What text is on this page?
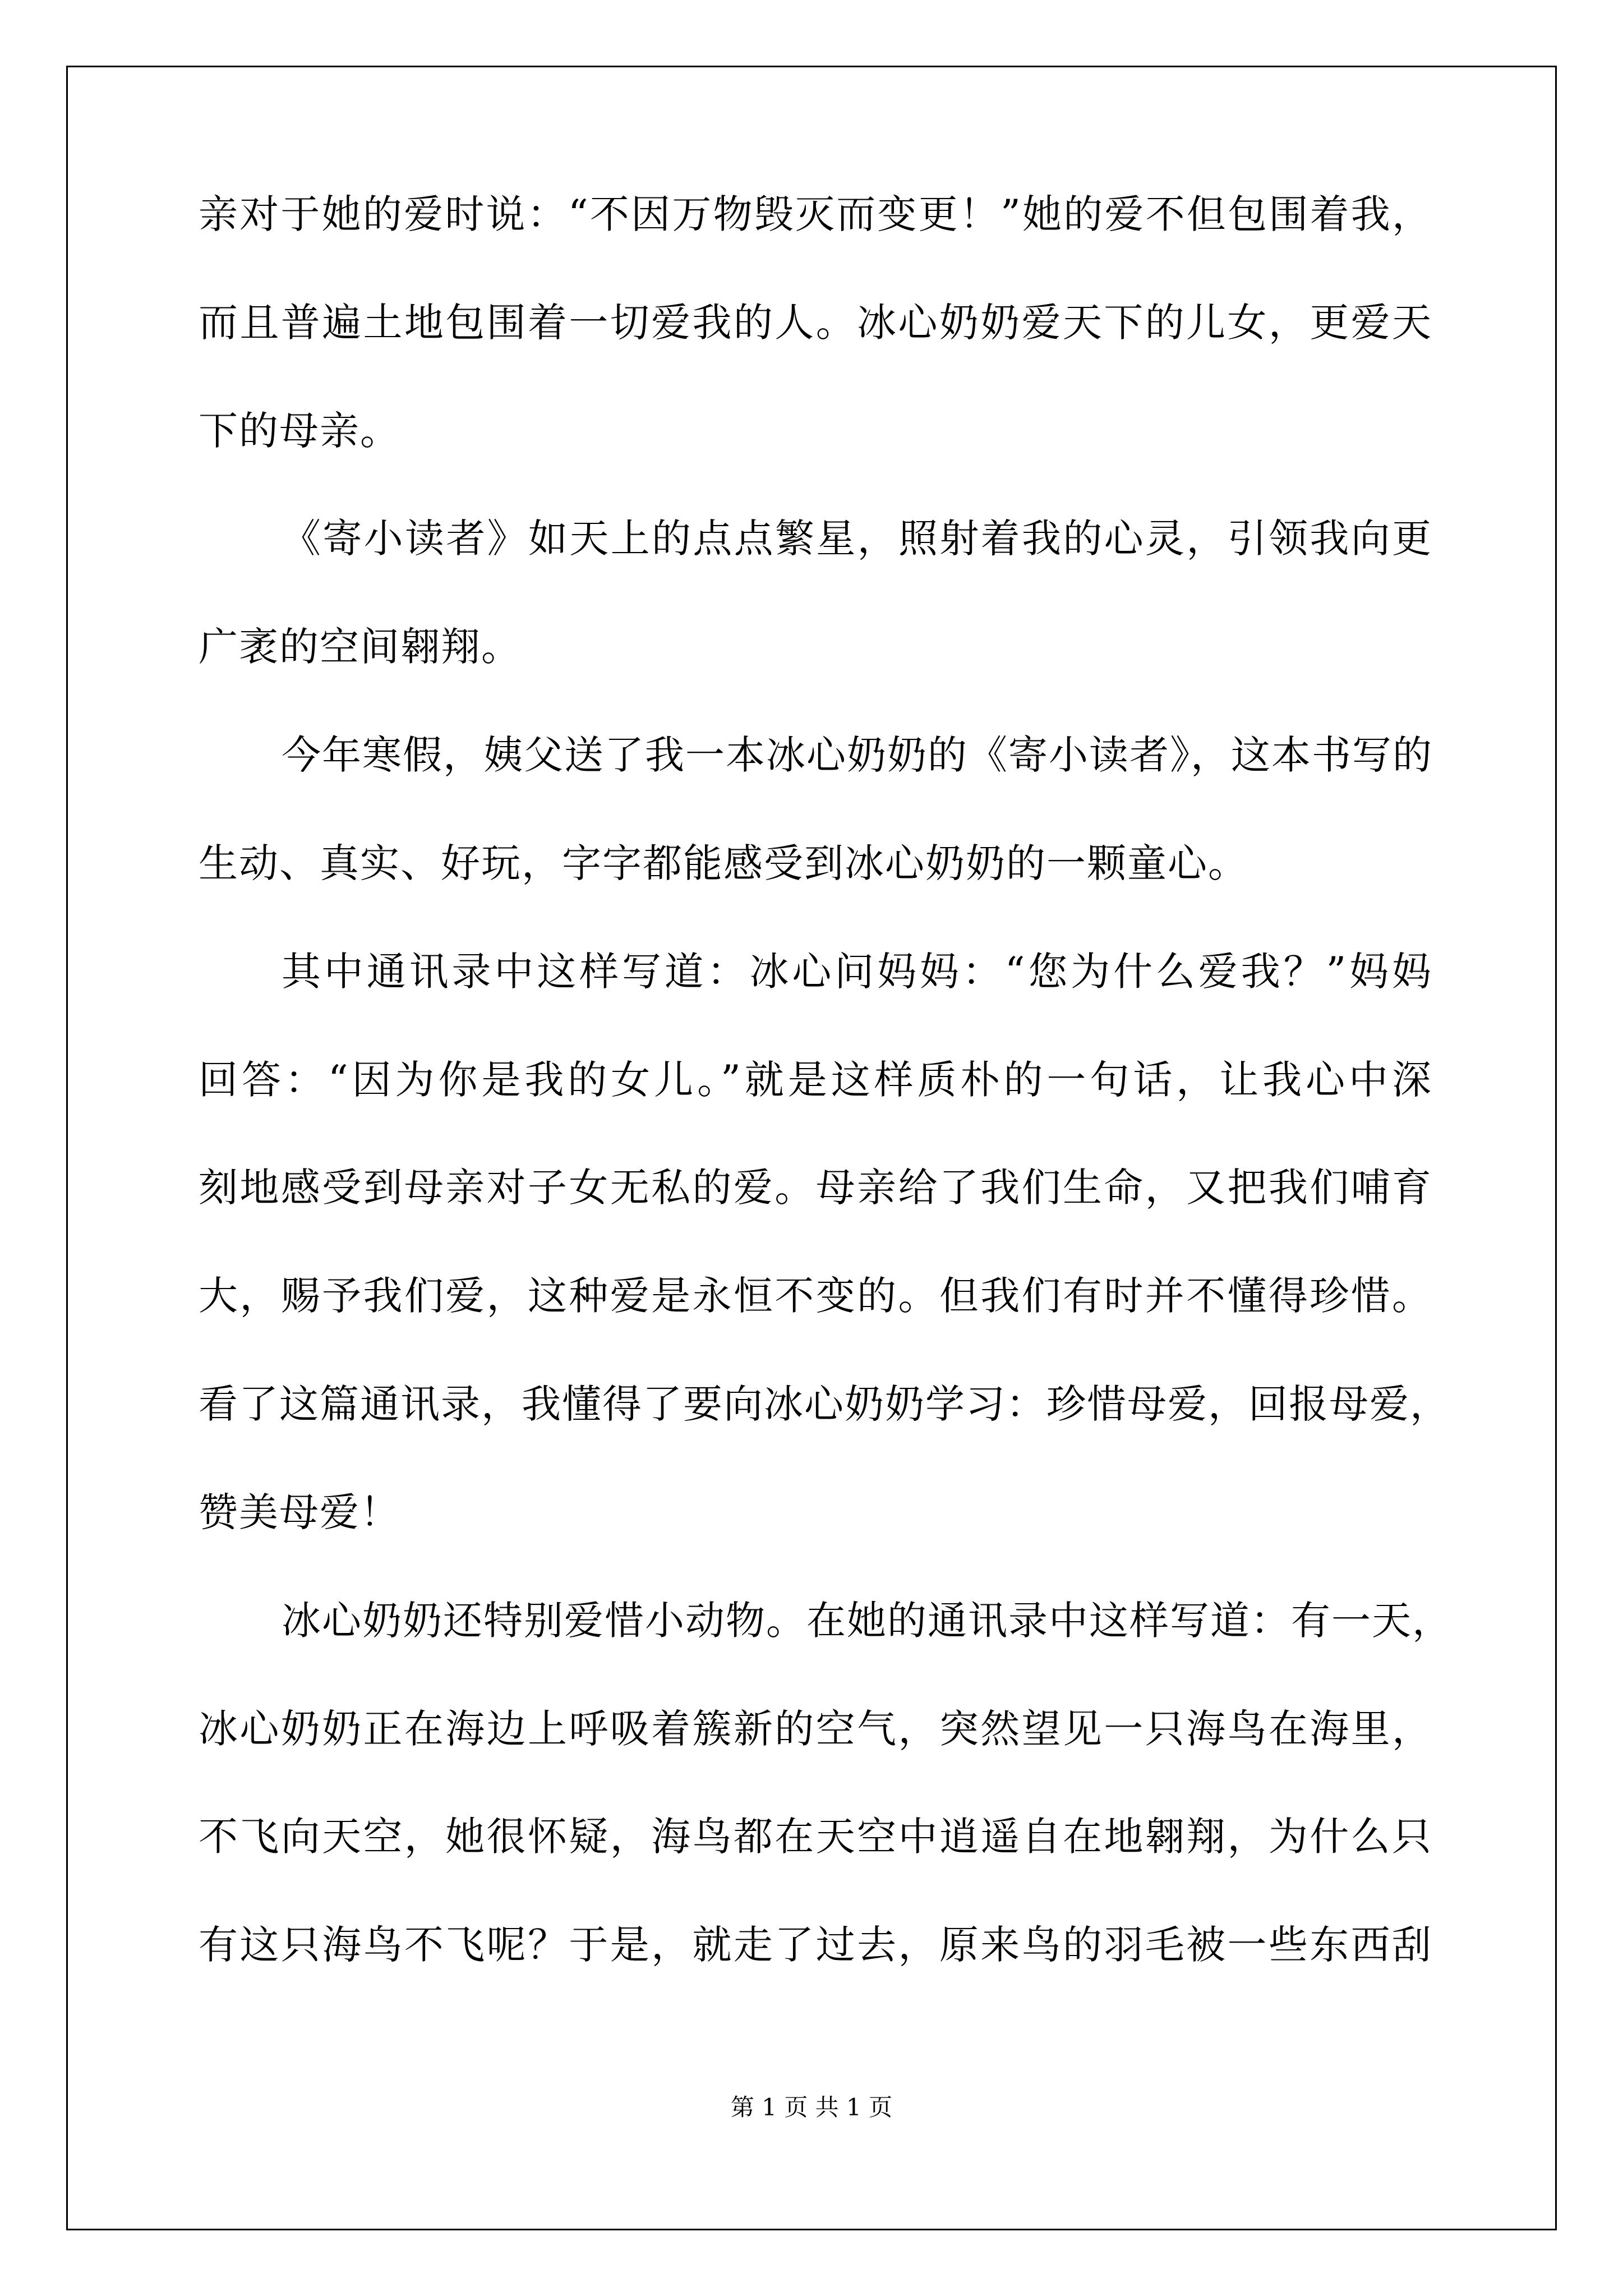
亲对于她的爱时说：“不因万物毁灭而变更！”她的爱不但包围着我，
而且普遍土地包围着一切爱我的人。冰心奶奶爱天下的儿女，更爱天
下的母亲。
《寄小读者》如天上的点点繁星，照射着我的心灵，引领我向更
广袤的空间翱翔。
今年寒假，姨父送了我一本冰心奶奶的《寄小读者》，这本书写的
生动、真实、好玩，字字都能感受到冰心奶奶的一颗童心。
其中通讯录中这样写道：冰心问妈妈：“您为什么爱我？”妈妈
回答：“因为你是我的女儿。”就是这样质朴的一句话，让我心中深
刻地感受到母亲对子女无私的爱。母亲给了我们生命，又把我们哺育
大，赐予我们爱，这种爱是永恒不变的。但我们有时并不懂得珍惜。
看了这篇通讯录，我懂得了要向冰心奶奶学习：珍惜母爱，回报母爱，
赞美母爱！
冰心奶奶还特别爱惜小动物。在她的通讯录中这样写道：有一天，
冰心奶奶正在海边上呼吸着簇新的空气，突然望见一只海鸟在海里，
不飞向天空，她很怀疑，海鸟都在天空中逍遥自在地翱翔，为什么只
有这只海鸟不飞呢？于是，就走了过去，原来鸟的羽毛被一些东西刮
第 1 页 共 1 页
